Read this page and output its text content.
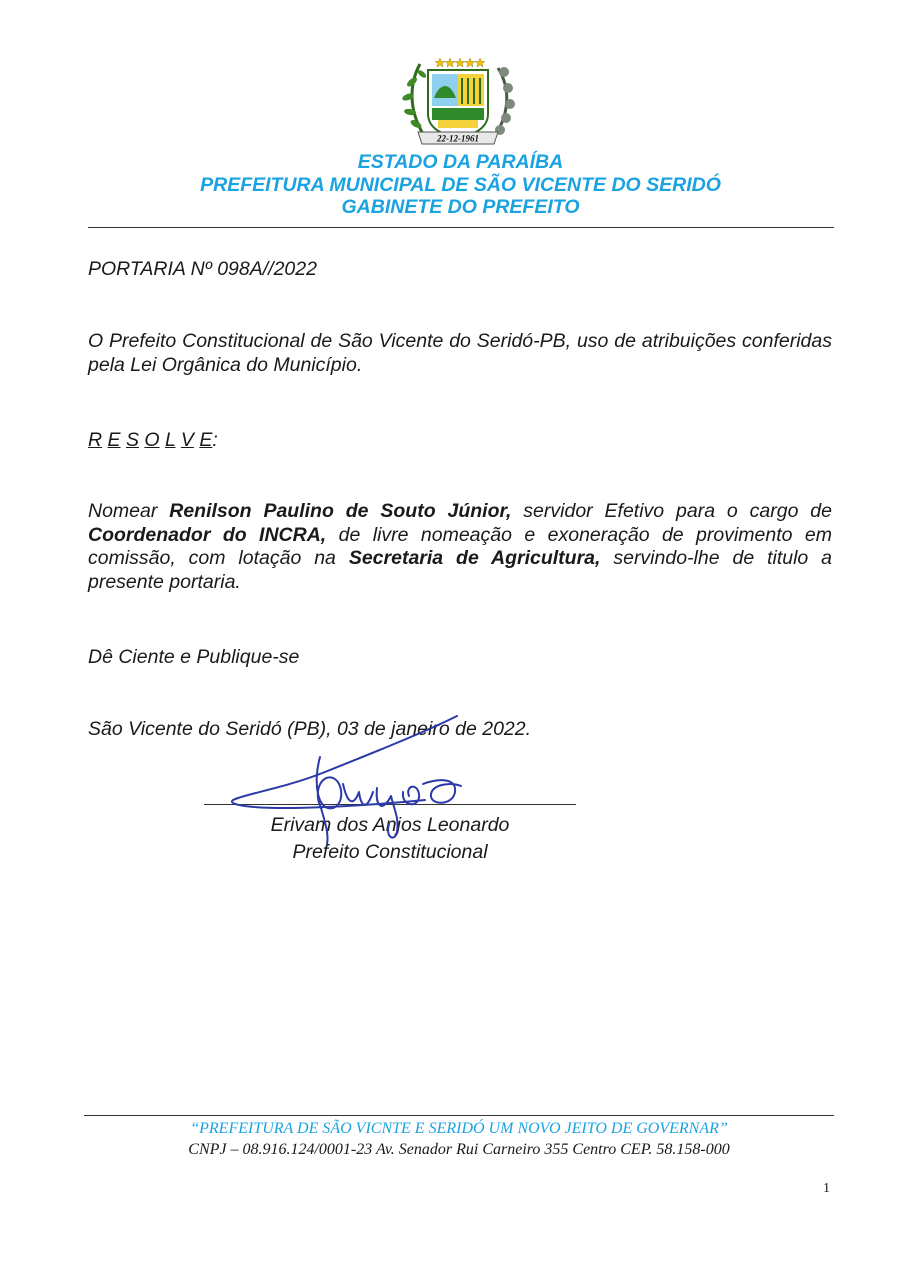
22-12-1961
ESTADO DA PARAÍBA
PREFEITURA MUNICIPAL DE SÃO VICENTE DO SERIDÓ
GABINETE DO PREFEITO
PORTARIA Nº 098A//2022
O Prefeito Constitucional de São Vicente do Seridó-PB, uso de atribuições conferidas pela Lei Orgânica do Município.
R E S O L V E:
Nomear Renilson Paulino de Souto Júnior, servidor Efetivo para o cargo de Coordenador do INCRA, de livre nomeação e exoneração de provimento em comissão, com lotação na Secretaria de Agricultura, servindo-lhe de titulo a presente portaria.
Dê Ciente e Publique-se
São Vicente do Seridó (PB), 03 de janeiro de 2022.
Erivam dos Anjos Leonardo
Prefeito Constitucional
“PREFEITURA DE SÃO VICNTE E SERIDÓ UM NOVO JEITO DE GOVERNAR”
CNPJ – 08.916.124/0001-23 Av. Senador Rui Carneiro 355 Centro CEP. 58.158-000
1
